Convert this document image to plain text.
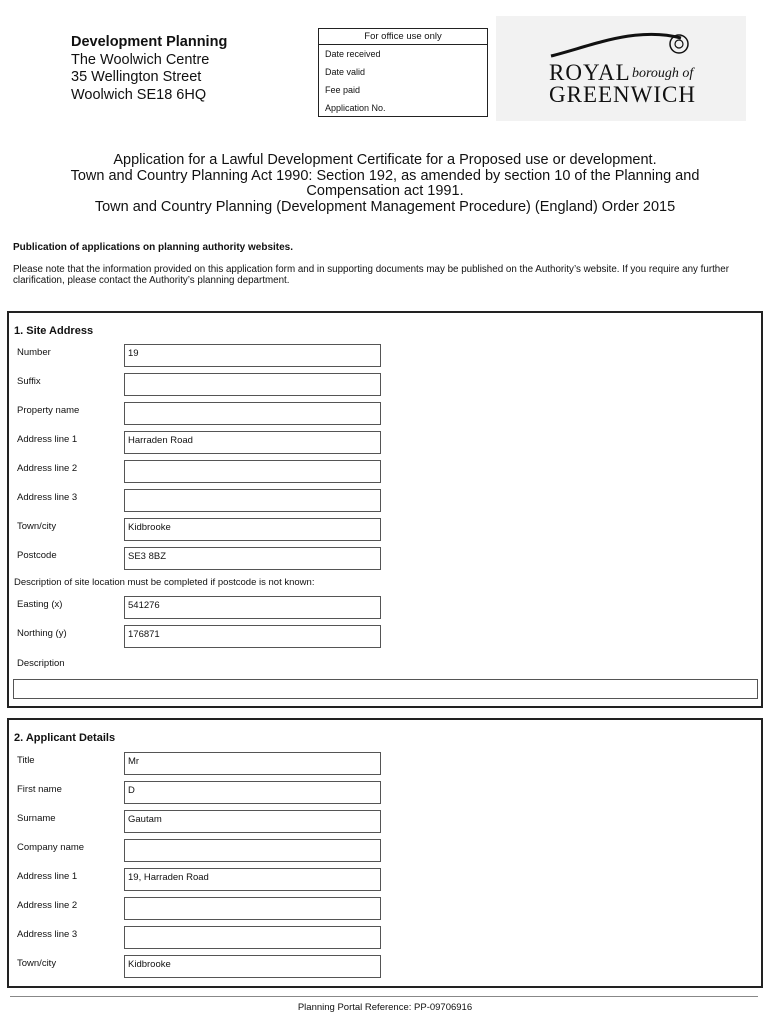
Development Planning
The Woolwich Centre
35 Wellington Street
Woolwich SE18 6HQ
For office use only
Date received
Date valid
Fee paid
Application No.
ROYAL borough of
GREENWICH
Application for a Lawful Development Certificate for a Proposed use or development.
Town and Country Planning Act 1990: Section 192, as amended by section 10 of the Planning and
Compensation act 1991.
Town and Country Planning (Development Management Procedure) (England) Order 2015
Publication of applications on planning authority websites.
Please note that the information provided on this application form and in supporting documents may be published on the Authority’s website. If you require any further clarification, please contact the Authority’s planning department.
1. Site Address
Number	19
Suffix
Property name
Address line 1	Harraden Road
Address line 2
Address line 3
Town/city	Kidbrooke
Postcode	SE3 8BZ
Description of site location must be completed if postcode is not known:
Easting (x)	541276
Northing (y)	176871
Description
2. Applicant Details
Title	Mr
First name	D
Surname	Gautam
Company name
Address line 1	19, Harraden Road
Address line 2
Address line 3
Town/city	Kidbrooke
Planning Portal Reference: PP-09706916
